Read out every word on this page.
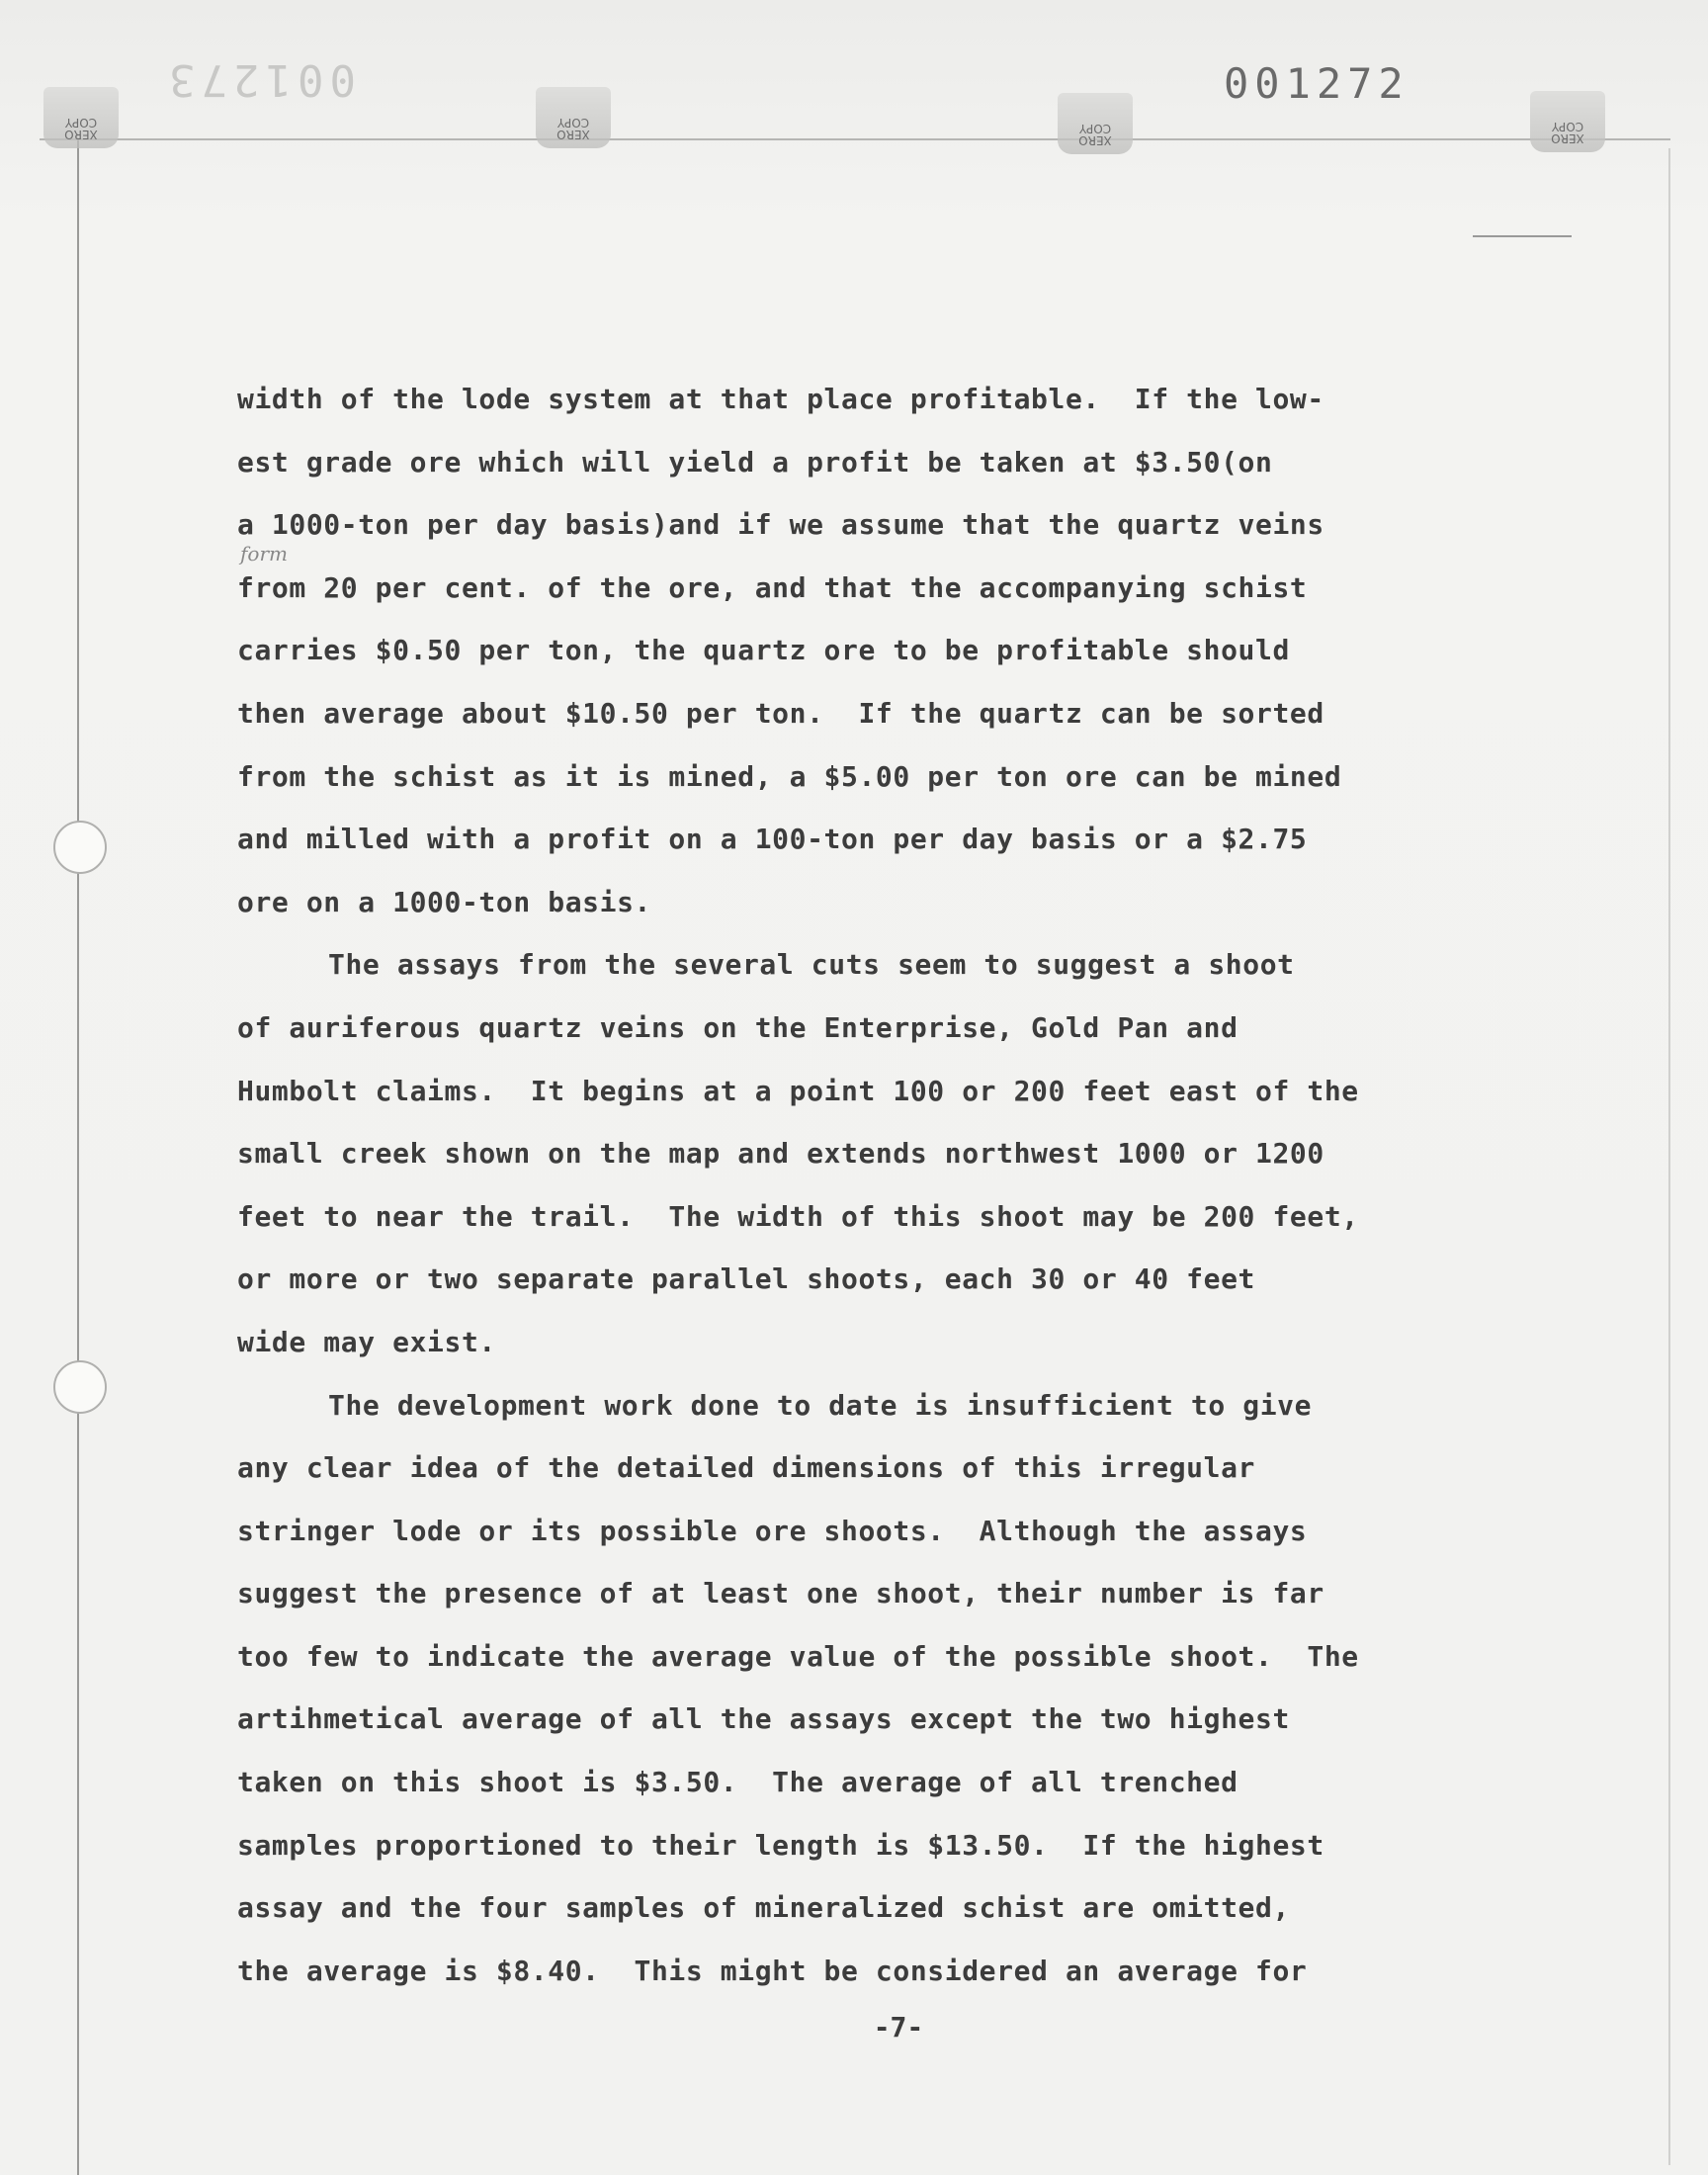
001273	001272
XERO COPY
XERO COPY
XERO COPY
XERO COPY
form
width of the lode system at that place profitable.  If the low-
est grade ore which will yield a profit be taken at $3.50(on
a 1000-ton per day basis)and if we assume that the quartz veins
from 20 per cent. of the ore, and that the accompanying schist
carries $0.50 per ton, the quartz ore to be profitable should
then average about $10.50 per ton.  If the quartz can be sorted
from the schist as it is mined, a $5.00 per ton ore can be mined
and milled with a profit on a 100-ton per day basis or a $2.75
ore on a 1000-ton basis.
The assays from the several cuts seem to suggest a shoot
of auriferous quartz veins on the Enterprise, Gold Pan and
Humbolt claims.  It begins at a point 100 or 200 feet east of the
small creek shown on the map and extends northwest 1000 or 1200
feet to near the trail.  The width of this shoot may be 200 feet,
or more or two separate parallel shoots, each 30 or 40 feet
wide may exist.
The development work done to date is insufficient to give
any clear idea of the detailed dimensions of this irregular
stringer lode or its possible ore shoots.  Although the assays
suggest the presence of at least one shoot, their number is far
too few to indicate the average value of the possible shoot.  The
artihmetical average of all the assays except the two highest
taken on this shoot is $3.50.  The average of all trenched
samples proportioned to their length is $13.50.  If the highest
assay and the four samples of mineralized schist are omitted,
the average is $8.40.  This might be considered an average for
-7-
